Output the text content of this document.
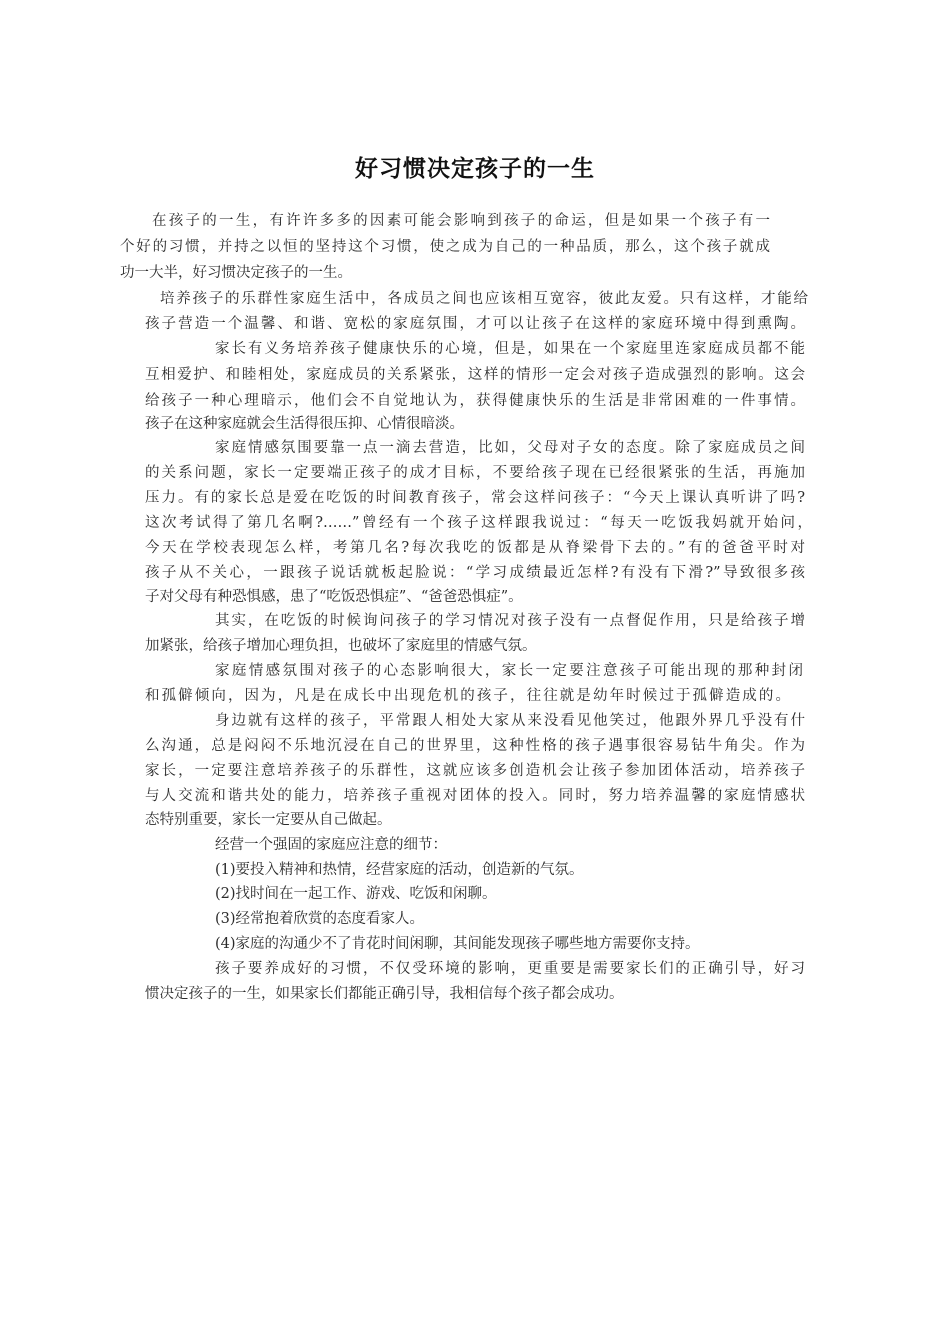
好习惯决定孩子的一生
在孩子的一生，有许许多多的因素可能会影响到孩子的命运，但是如果一个孩子有一
个好的习惯，并持之以恒的坚持这个习惯，使之成为自己的一种品质，那么，这个孩子就成
功一大半，好习惯决定孩子的一生。
培养孩子的乐群性家庭生活中，各成员之间也应该相互宽容，彼此友爱。只有这样，才能给
孩子营造一个温馨、和谐、宽松的家庭氛围，才可以让孩子在这样的家庭环境中得到熏陶。
家长有义务培养孩子健康快乐的心境，但是，如果在一个家庭里连家庭成员都不能
互相爱护、和睦相处，家庭成员的关系紧张，这样的情形一定会对孩子造成强烈的影响。这会
给孩子一种心理暗示，他们会不自觉地认为，获得健康快乐的生活是非常困难的一件事情。
孩子在这种家庭就会生活得很压抑、心情很暗淡。
家庭情感氛围要靠一点一滴去营造，比如，父母对子女的态度。除了家庭成员之间
的关系问题，家长一定要端正孩子的成才目标，不要给孩子现在已经很紧张的生活，再施加
压力。有的家长总是爱在吃饭的时间教育孩子，常会这样问孩子：“今天上课认真听讲了吗?
这次考试得了第几名啊?……”曾经有一个孩子这样跟我说过：“每天一吃饭我妈就开始问，
今天在学校表现怎么样，考第几名?每次我吃的饭都是从脊梁骨下去的。”有的爸爸平时对
孩子从不关心，一跟孩子说话就板起脸说：“学习成绩最近怎样?有没有下滑?”导致很多孩
子对父母有种恐惧感，患了“吃饭恐惧症”、“爸爸恐惧症”。
其实，在吃饭的时候询问孩子的学习情况对孩子没有一点督促作用，只是给孩子增
加紧张，给孩子增加心理负担，也破坏了家庭里的情感气氛。
家庭情感氛围对孩子的心态影响很大，家长一定要注意孩子可能出现的那种封闭
和孤僻倾向，因为，凡是在成长中出现危机的孩子，往往就是幼年时候过于孤僻造成的。
身边就有这样的孩子，平常跟人相处大家从来没看见他笑过，他跟外界几乎没有什
么沟通，总是闷闷不乐地沉浸在自己的世界里，这种性格的孩子遇事很容易钻牛角尖。作为
家长，一定要注意培养孩子的乐群性，这就应该多创造机会让孩子参加团体活动，培养孩子
与人交流和谐共处的能力，培养孩子重视对团体的投入。同时，努力培养温馨的家庭情感状
态特别重要，家长一定要从自己做起。
经营一个强固的家庭应注意的细节：
(1)要投入精神和热情，经营家庭的活动，创造新的气氛。
(2)找时间在一起工作、游戏、吃饭和闲聊。
(3)经常抱着欣赏的态度看家人。
(4)家庭的沟通少不了肯花时间闲聊，其间能发现孩子哪些地方需要你支持。
孩子要养成好的习惯，不仅受环境的影响，更重要是需要家长们的正确引导，好习
惯决定孩子的一生，如果家长们都能正确引导，我相信每个孩子都会成功。
